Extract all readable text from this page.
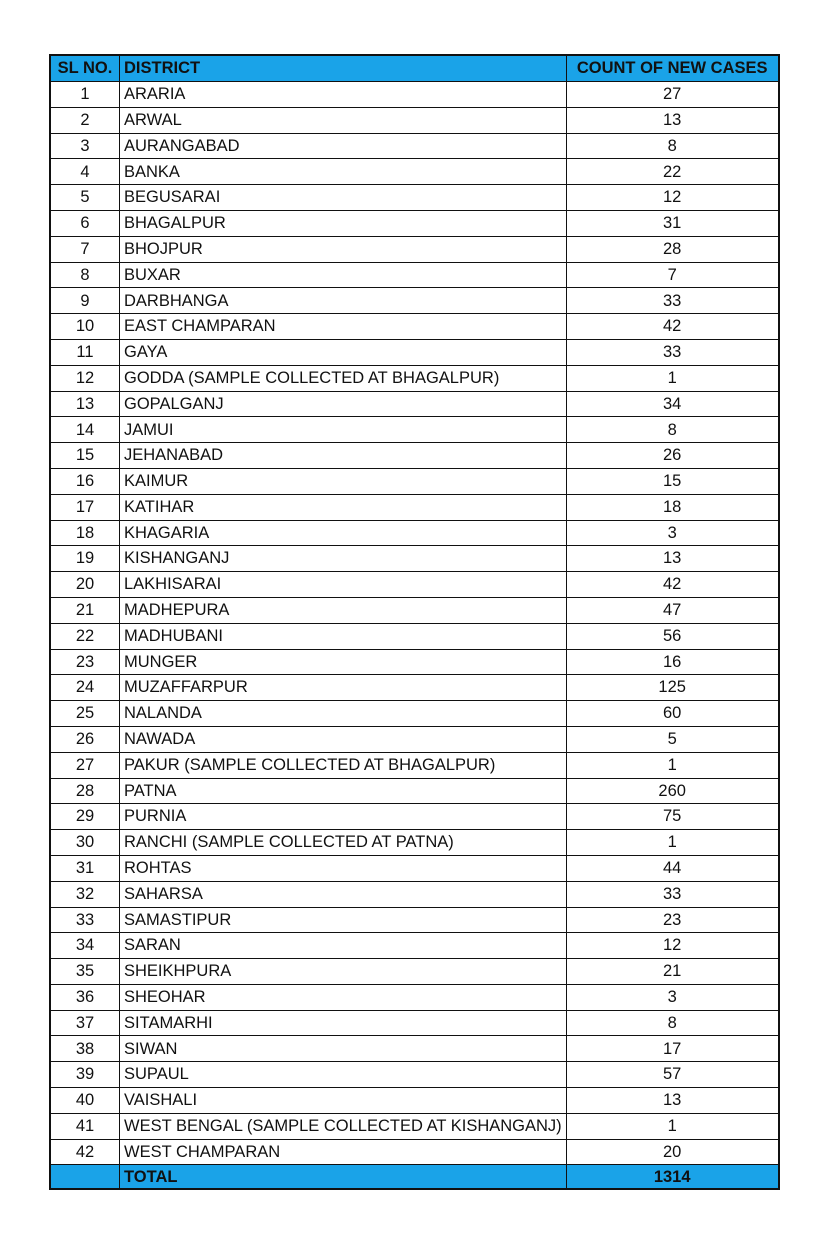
SL NO.	DISTRICT	COUNT OF NEW CASES
1	ARARIA	27
2	ARWAL	13
3	AURANGABAD	8
4	BANKA	22
5	BEGUSARAI	12
6	BHAGALPUR	31
7	BHOJPUR	28
8	BUXAR	7
9	DARBHANGA	33
10	EAST CHAMPARAN	42
11	GAYA	33
12	GODDA (SAMPLE COLLECTED AT BHAGALPUR)	1
13	GOPALGANJ	34
14	JAMUI	8
15	JEHANABAD	26
16	KAIMUR	15
17	KATIHAR	18
18	KHAGARIA	3
19	KISHANGANJ	13
20	LAKHISARAI	42
21	MADHEPURA	47
22	MADHUBANI	56
23	MUNGER	16
24	MUZAFFARPUR	125
25	NALANDA	60
26	NAWADA	5
27	PAKUR (SAMPLE COLLECTED AT BHAGALPUR)	1
28	PATNA	260
29	PURNIA	75
30	RANCHI (SAMPLE COLLECTED AT PATNA)	1
31	ROHTAS	44
32	SAHARSA	33
33	SAMASTIPUR	23
34	SARAN	12
35	SHEIKHPURA	21
36	SHEOHAR	3
37	SITAMARHI	8
38	SIWAN	17
39	SUPAUL	57
40	VAISHALI	13
41	WEST BENGAL (SAMPLE COLLECTED AT KISHANGANJ)	1
42	WEST CHAMPARAN	20
	TOTAL	1314
